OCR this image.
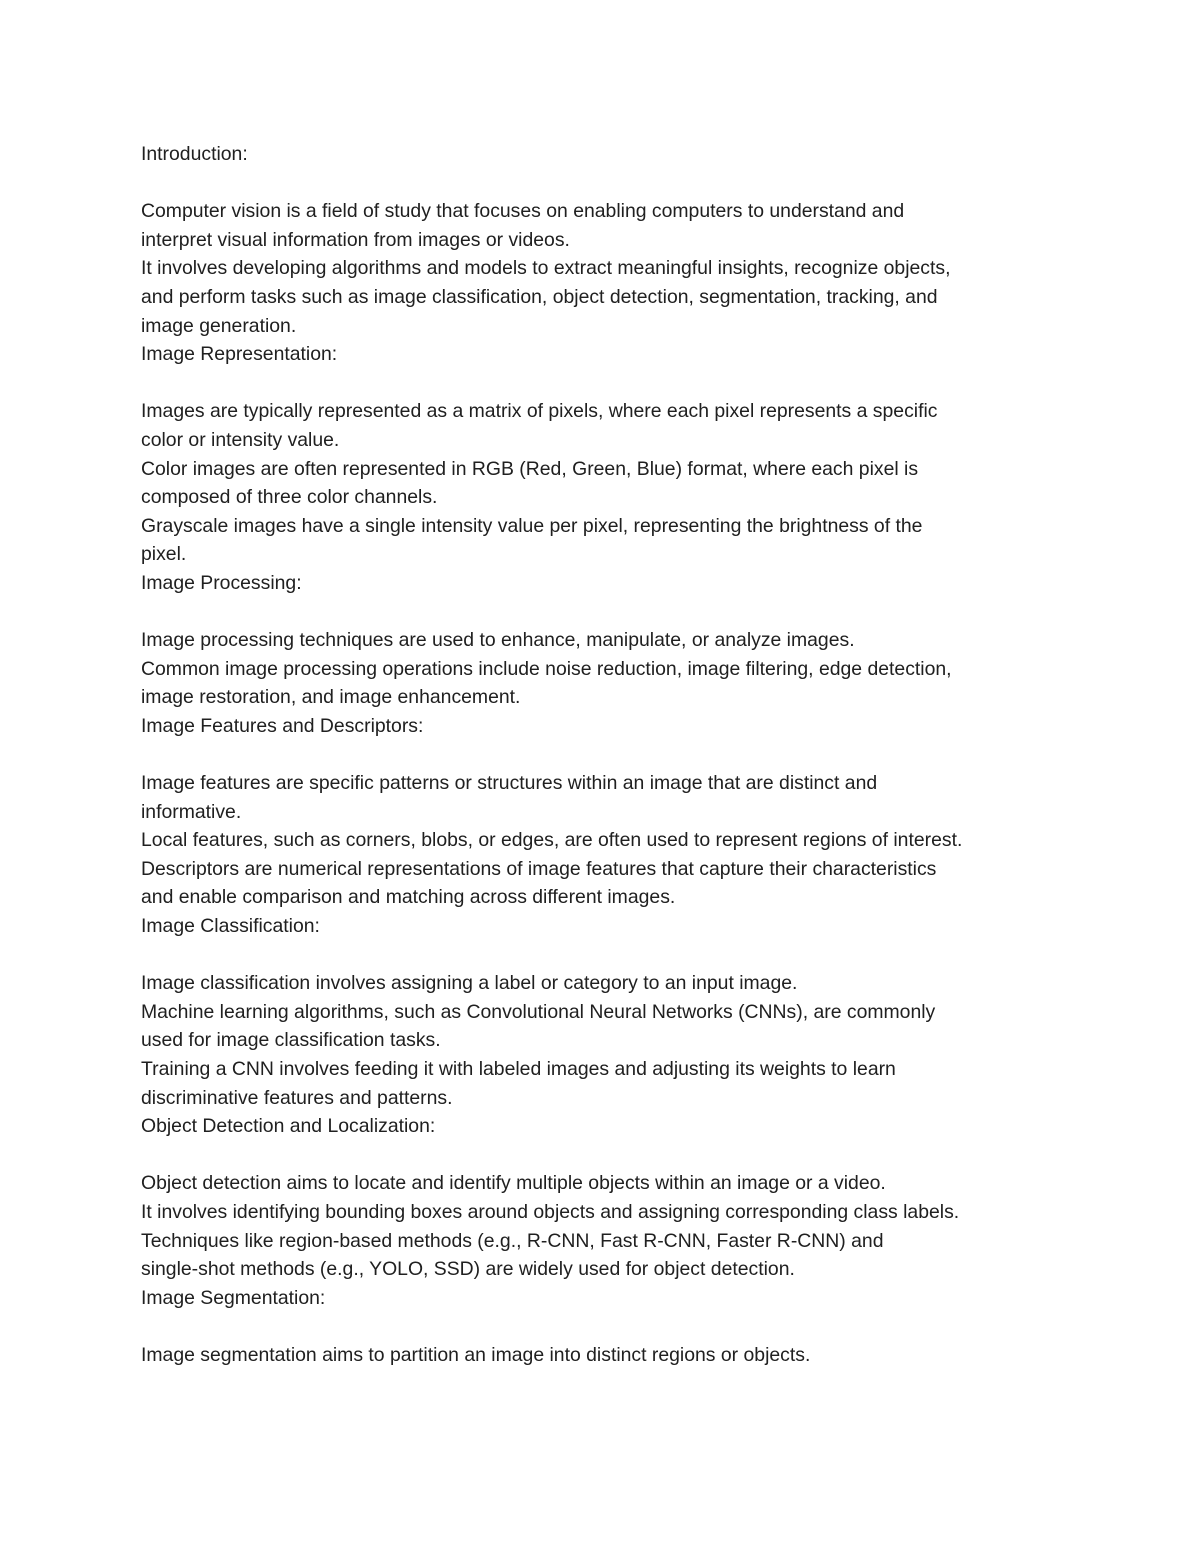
Introduction:

Computer vision is a field of study that focuses on enabling computers to understand and
interpret visual information from images or videos.

It involves developing algorithms and models to extract meaningful insights, recognize objects,
and perform tasks such as image classification, object detection, segmentation, tracking, and
image generation.

Image Representation:

Images are typically represented as a matrix of pixels, where each pixel represents a specific
color or intensity value.

Color images are often represented in RGB (Red, Green, Blue) format, where each pixel is
composed of three color channels.

Grayscale images have a single intensity value per pixel, representing the brightness of the
pixel.

Image Processing:

Image processing techniques are used to enhance, manipulate, or analyze images.

Common image processing operations include noise reduction, image filtering, edge detection,
image restoration, and image enhancement.

Image Features and Descriptors:

Image features are specific patterns or structures within an image that are distinct and
informative.

Local features, such as corners, blobs, or edges, are often used to represent regions of interest.

Descriptors are numerical representations of image features that capture their characteristics
and enable comparison and matching across different images.

Image Classification:

Image classification involves assigning a label or category to an input image.

Machine learning algorithms, such as Convolutional Neural Networks (CNNs), are commonly
used for image classification tasks.

Training a CNN involves feeding it with labeled images and adjusting its weights to learn
discriminative features and patterns.

Object Detection and Localization:

Object detection aims to locate and identify multiple objects within an image or a video.

It involves identifying bounding boxes around objects and assigning corresponding class labels.

Techniques like region-based methods (e.g., R-CNN, Fast R-CNN, Faster R-CNN) and
single-shot methods (e.g., YOLO, SSD) are widely used for object detection.

Image Segmentation:

Image segmentation aims to partition an image into distinct regions or objects.
